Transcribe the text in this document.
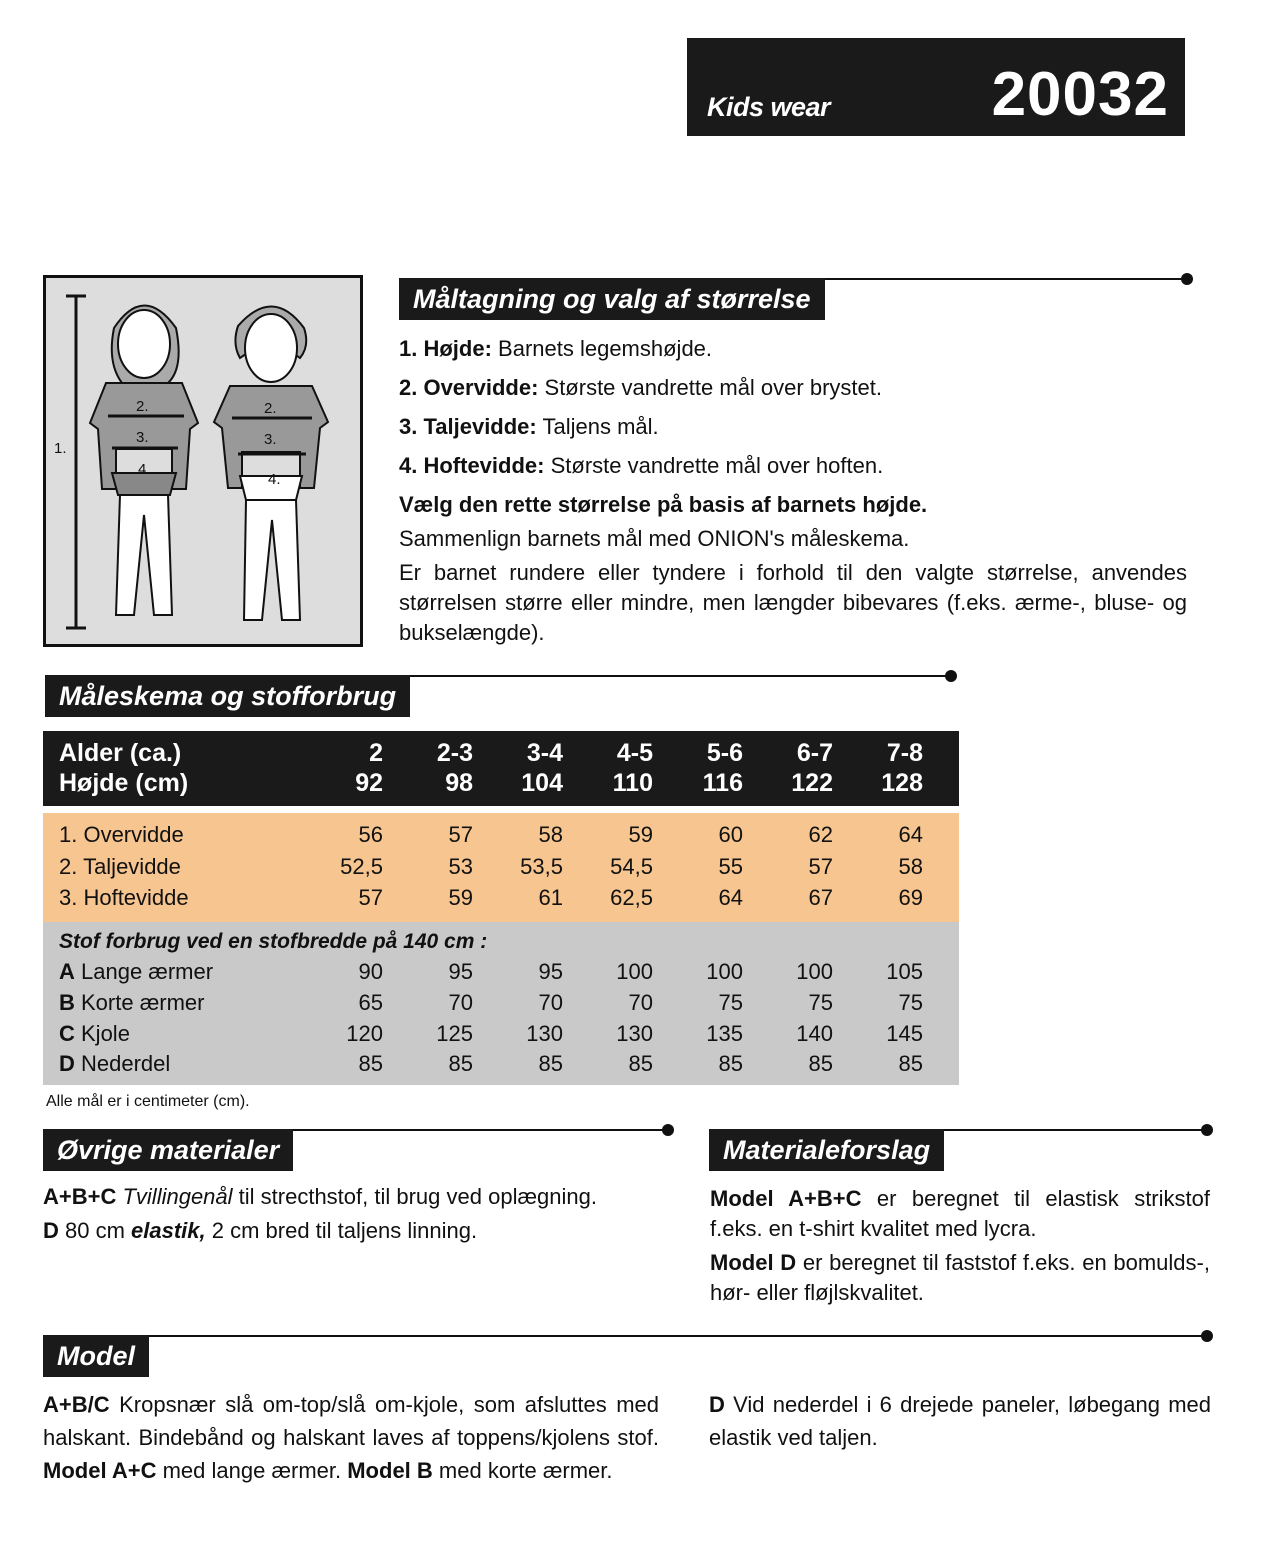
Kids wear	20032
1.
2.
3.
4.
2.
3.
4.
Måltagning og valg af størrelse

1. Højde: Barnets legemshøjde.

2. Overvidde: Største vandrette mål over brystet.

3. Taljevidde: Taljens mål.

4. Hoftevidde: Største vandrette mål over hoften.

Vælg den rette størrelse på basis af barnets højde.

Sammenlign barnets mål med ONION's måleskema.

Er barnet rundere eller tyndere i forhold til den valgte størrelse, anvendes størrelsen større eller mindre, men længder bibevares (f.eks. ærme-, bluse- og bukselængde).

Måleskema og stofforbrug
	Alder (ca.)	2	2-3	3-4	4-5	5-6	6-7	7-8	
	Højde (cm)	92	98	104	110	116	122	128	

	1. Overvidde	56	57	58	59	60	62	64	
	2. Taljevidde	52,5	53	53,5	54,5	55	57	58	
	3. Hoftevidde	57	59	61	62,5	64	67	69	
	Stof forbrug ved en stofbredde på 140 cm :								
	A Lange ærmer	90	95	95	100	100	100	105	
	B Korte ærmer	65	70	70	70	75	75	75	
	C Kjole	120	125	130	130	135	140	145	
	D Nederdel	85	85	85	85	85	85	85	
Alle mål er i centimeter (cm).
Øvrige materialer

A+B+C Tvillingenål til strecthstof, til brug ved oplægning.

D 80 cm elastik, 2 cm bred til taljens linning.

Materialeforslag

Model A+B+C er beregnet til elastisk strikstof f.eks. en t-shirt kvalitet med lycra.

Model D er beregnet til faststof f.eks. en bomulds-, hør- eller fløjlskvalitet.

Model

A+B/C Kropsnær slå om-top/slå om-kjole, som afsluttes med halskant. Bindebånd og halskant laves af toppens/kjolens stof. Model A+C med lange ærmer. Model B med korte ærmer.

D Vid nederdel i 6 drejede paneler, løbegang med elastik ved taljen.
